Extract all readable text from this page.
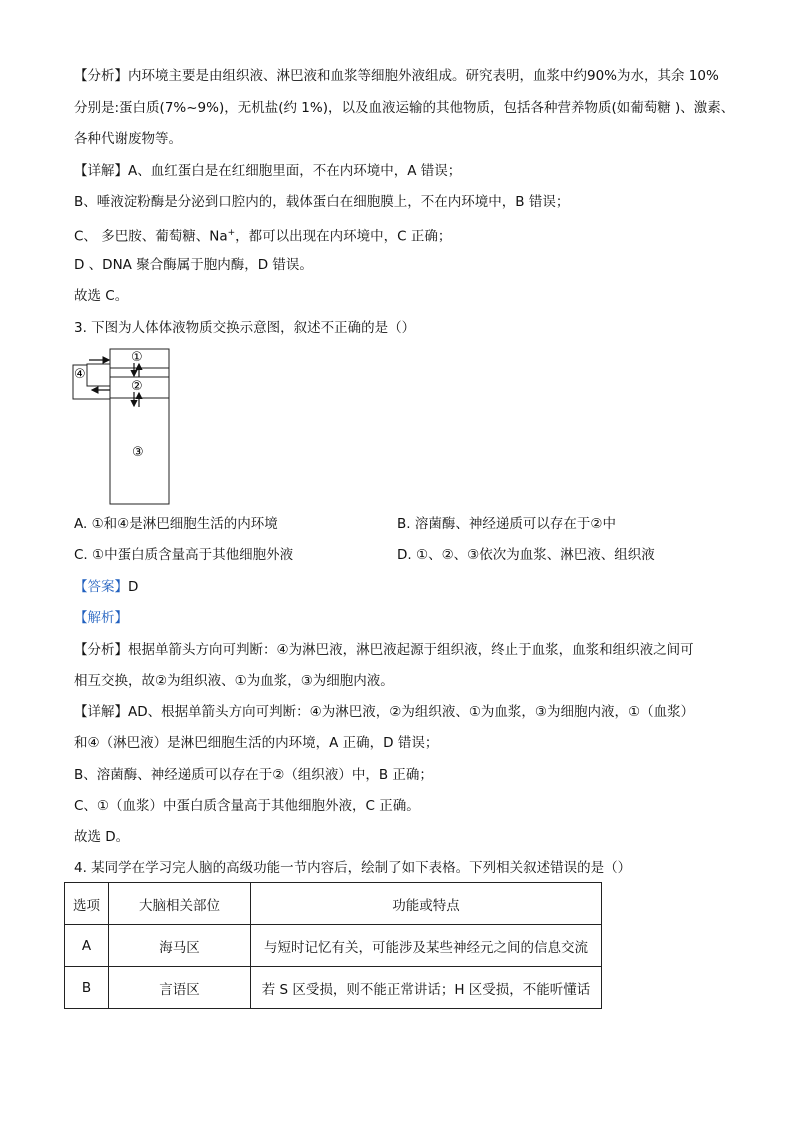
【分析】内环境主要是由组织液、淋巴液和血浆等细胞外液组成。研究表明，血浆中约90%为水，其余 10%
分别是:蛋白质(7%~9%)，无机盐(约 1%)，以及血液运输的其他物质，包括各种营养物质(如葡萄糖 )、激素、
各种代谢废物等。
【详解】A、血红蛋白是在红细胞里面，不在内环境中，A 错误；
B、唾液淀粉酶是分泌到口腔内的，载体蛋白在细胞膜上，不在内环境中，B 错误；
C、 多巴胺、葡萄糖、Na+，都可以出现在内环境中，C 正确；
D 、DNA 聚合酶属于胞内酶，D 错误。
故选 C。
3. 下图为人体体液物质交换示意图，叙述不正确的是（）
①
②
③
④
A. ①和④是淋巴细胞生活的内环境	B. 溶菌酶、神经递质可以存在于②中
C. ①中蛋白质含量高于其他细胞外液	D. ①、②、③依次为血浆、淋巴液、组织液
【答案】D
【解析】
【分析】根据单箭头方向可判断：④为淋巴液，淋巴液起源于组织液，终止于血浆，血浆和组织液之间可
相互交换，故②为组织液、①为血浆，③为细胞内液。
【详解】AD、根据单箭头方向可判断：④为淋巴液，②为组织液、①为血浆，③为细胞内液，①（血浆）
和④（淋巴液）是淋巴细胞生活的内环境，A 正确，D 错误；
B、溶菌酶、神经递质可以存在于②（组织液）中，B 正确；
C、①（血浆）中蛋白质含量高于其他细胞外液，C 正确。
故选 D。
4. 某同学在学习完人脑的高级功能一节内容后，绘制了如下表格。下列相关叙述错误的是（）
选项	大脑相关部位	功能或特点
A	海马区	与短时记忆有关，可能涉及某些神经元之间的信息交流
B	言语区	若 S 区受损，则不能正常讲话；H 区受损，不能听懂话
